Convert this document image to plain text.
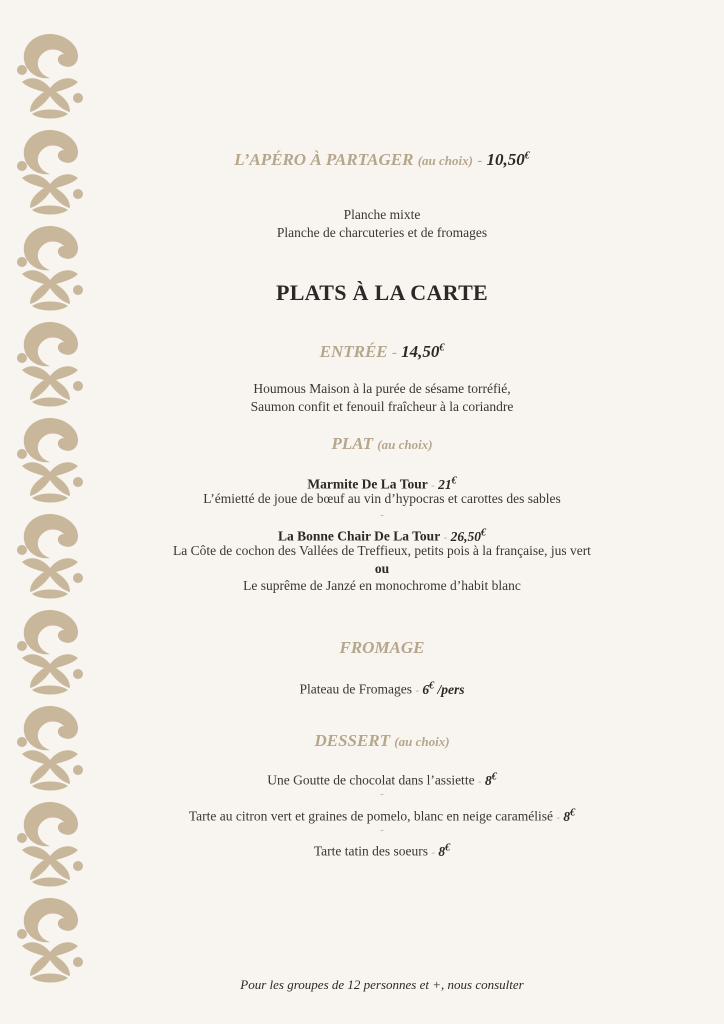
L’APÉRO À PARTAGER (au choix) - 10,50€
Planche mixte
Planche de charcuteries et de fromages
PLATS À LA CARTE
ENTRÉE - 14,50€
Houmous Maison à la purée de sésame torréfié,
Saumon confit et fenouil fraîcheur à la coriandre
PLAT (au choix)
Marmite De La Tour - 21€
L’émietté de joue de bœuf au vin d’hypocras et carottes des sables
-
La Bonne Chair De La Tour - 26,50€
La Côte de cochon des Vallées de Treffieux, petits pois à la française, jus vert
ou
Le suprême de Janzé en monochrome d’habit blanc
FROMAGE
Plateau de Fromages - 6€ /pers
DESSERT (au choix)
Une Goutte de chocolat dans l’assiette - 8€
-
Tarte au citron vert et graines de pomelo, blanc en neige caramélisé - 8€
-
Tarte tatin des soeurs - 8€
Pour les groupes de 12 personnes et +, nous consulter
